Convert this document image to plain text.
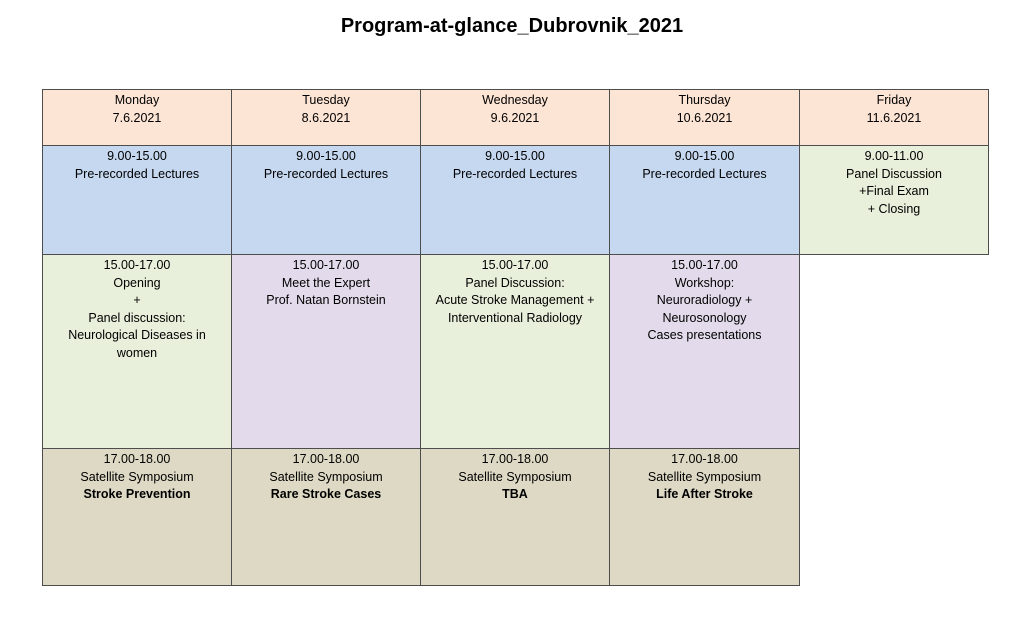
Program-at-glance_Dubrovnik_2021
Monday
7.6.2021
Tuesday
8.6.2021
Wednesday
9.6.2021
Thursday
10.6.2021
Friday
11.6.2021
9.00-15.00
Pre-recorded Lectures
9.00-15.00
Pre-recorded Lectures
9.00-15.00
Pre-recorded Lectures
9.00-15.00
Pre-recorded Lectures
9.00-11.00
Panel Discussion
+Final Exam
+ Closing
15.00-17.00
Opening
+
Panel discussion:
Neurological Diseases in
women
15.00-17.00
Meet the Expert
Prof. Natan Bornstein
15.00-17.00
Panel Discussion:
Acute Stroke Management +
Interventional Radiology
15.00-17.00
Workshop:
Neuroradiology +
Neurosonology
Cases presentations
17.00-18.00
Satellite Symposium
Stroke Prevention
17.00-18.00
Satellite Symposium
Rare Stroke Cases
17.00-18.00
Satellite Symposium
TBA
17.00-18.00
Satellite Symposium
Life After Stroke
